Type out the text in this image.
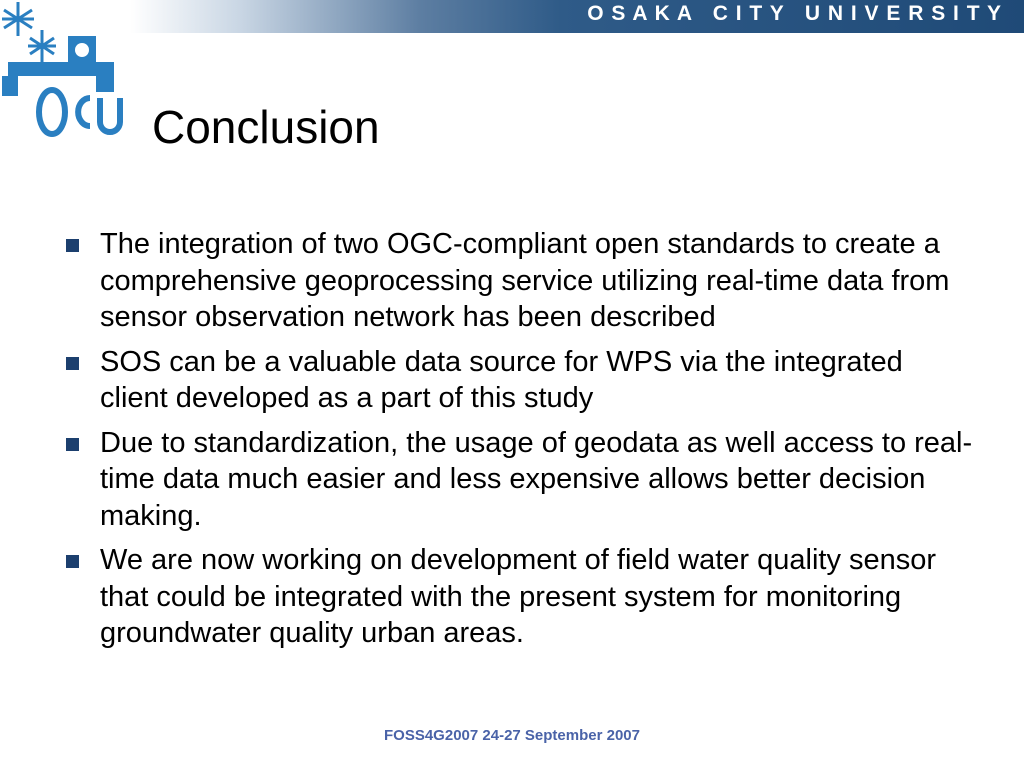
O S A K A   C I T Y   U N I V E R S I T Y
Conclusion
The integration of two OGC-compliant open standards to create a comprehensive geoprocessing service utilizing real-time data from sensor observation network has been described
SOS can be a valuable data source for WPS via the integrated client developed as a part of this study
Due to standardization, the usage of geodata as well access to real-time data much easier and less expensive allows better decision making.
We are now working on development of field water quality sensor that could be integrated with the present system for monitoring groundwater quality urban areas.
FOSS4G2007 24-27 September 2007
